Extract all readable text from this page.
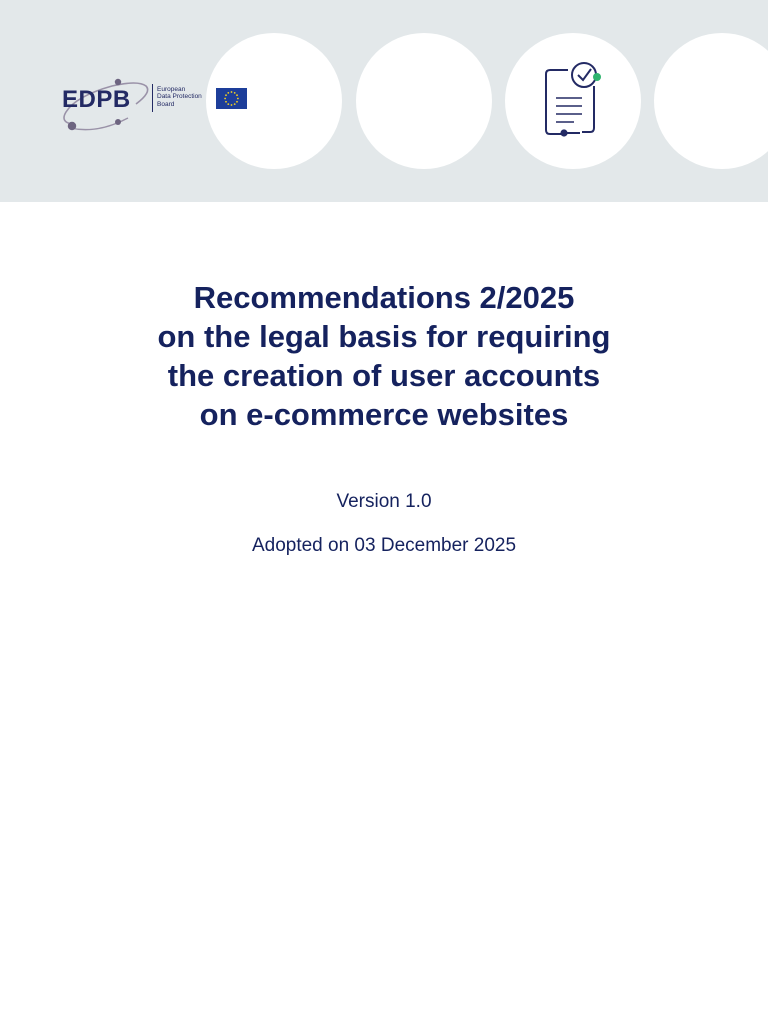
EDPB	European
Data Protection
Board
Recommendations 2/2025
on the legal basis for requiring
the creation of user accounts
on e-commerce websites
Version 1.0
Adopted on 03 December 2025
